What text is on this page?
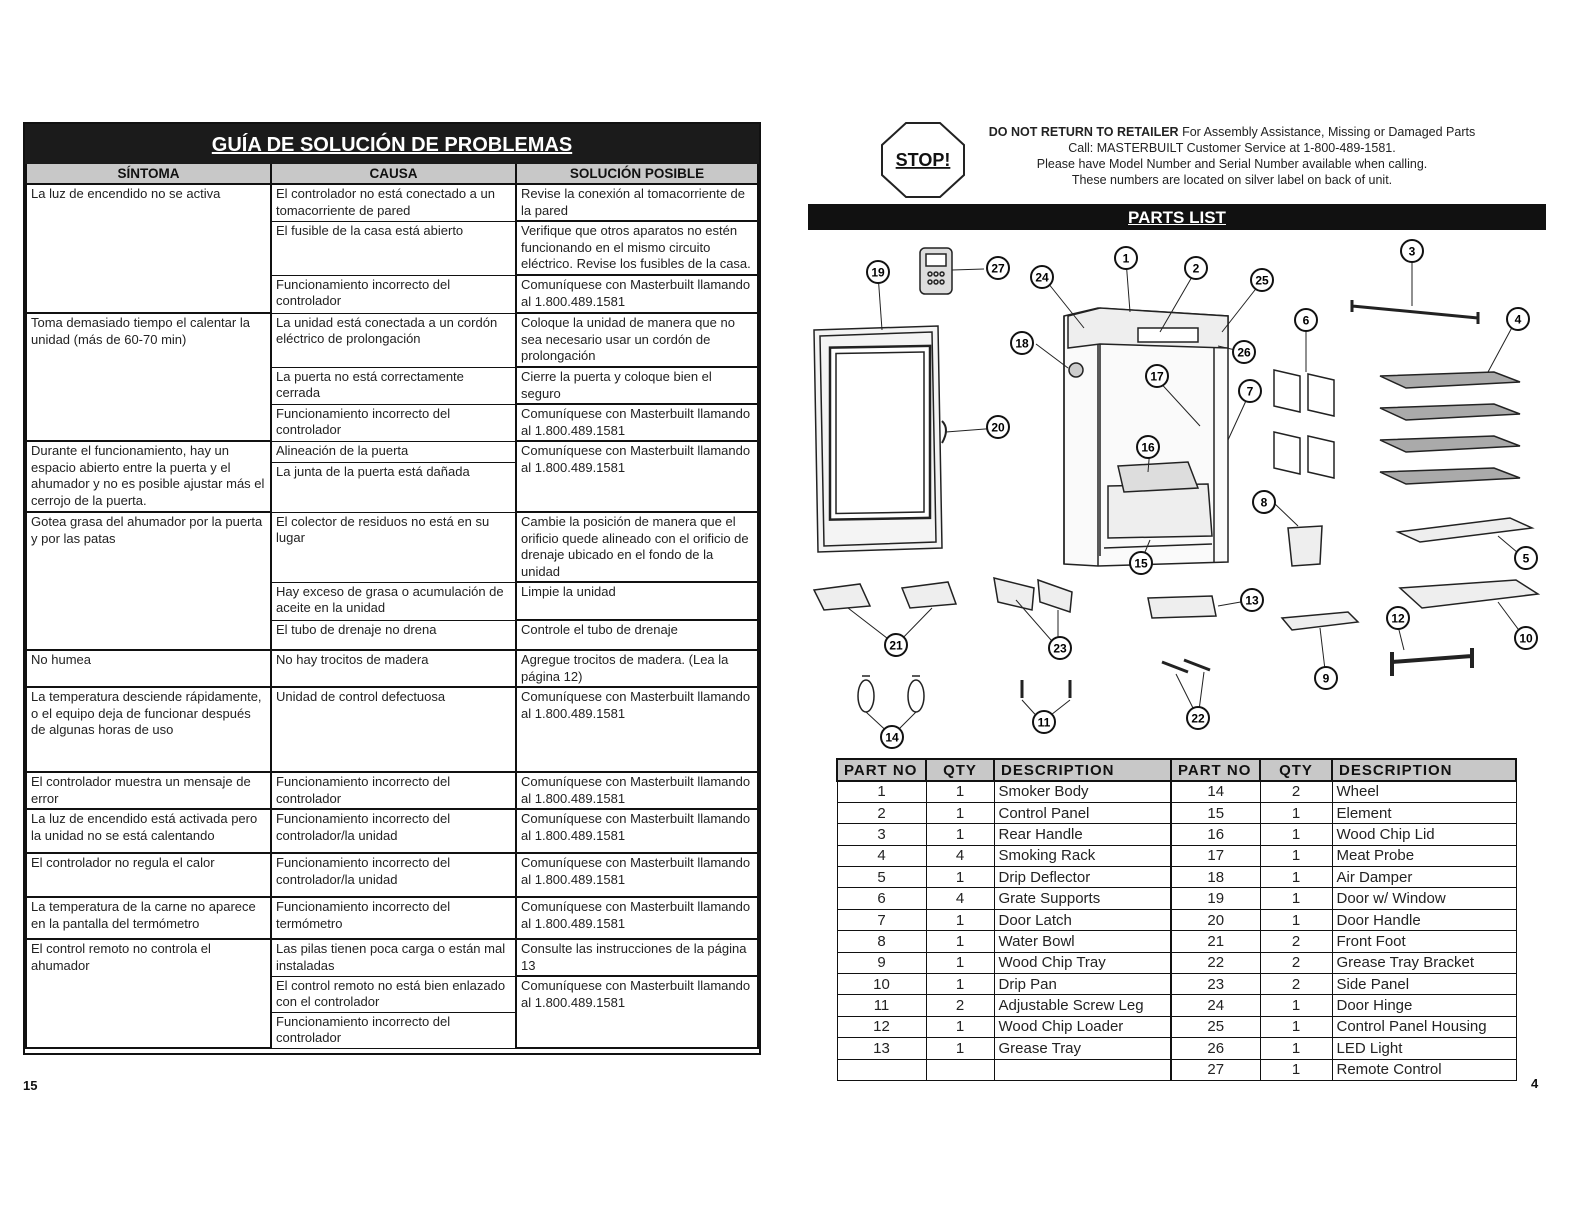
GUÍA DE SOLUCIÓN DE PROBLEMAS
SÍNTOMA	CAUSA	SOLUCIÓN POSIBLE
La luz de encendido no se activa	El controlador no está conectado a un tomacorriente de pared	Revise la conexión al tomacorriente de la pared
	El fusible de la casa está abierto	Verifique que otros aparatos no estén funcionando en el mismo circuito eléctrico. Revise los fusibles de la casa.
	Funcionamiento incorrecto del controlador	Comuníquese con Masterbuilt llamando al 1.800.489.1581
Toma demasiado tiempo el calentar la unidad (más de 60-70 min)	La unidad está conectada a un cordón eléctrico de prolongación	Coloque la unidad de manera que no sea necesario usar un cordón de prolongación
	La puerta no está correctamente cerrada	Cierre la puerta y coloque bien el seguro
	Funcionamiento incorrecto del controlador	Comuníquese con Masterbuilt llamando al 1.800.489.1581
Durante el funcionamiento, hay un espacio abierto entre la puerta y el ahumador y no es posible ajustar más el cerrojo de la puerta.	Alineación de la puerta	Comuníquese con Masterbuilt llamando al 1.800.489.1581
	La junta de la puerta está dañada	
Gotea grasa del ahumador por la puerta y por las patas	El colector de residuos no está en su lugar	Cambie la posición de manera que el orificio quede alineado con el orificio de drenaje ubicado en el fondo de la unidad
	Hay exceso de grasa o acumulación de aceite en la unidad	Limpie la unidad
	El tubo de drenaje no drena	Controle el tubo de drenaje
No humea	No hay trocitos de madera	Agregue trocitos de madera. (Lea la página 12)
La temperatura desciende rápidamente, o el equipo deja de funcionar después de algunas horas de uso	Unidad de control defectuosa	Comuníquese con Masterbuilt llamando al 1.800.489.1581
El controlador muestra un mensaje de error	Funcionamiento incorrecto del controlador	Comuníquese con Masterbuilt llamando al 1.800.489.1581
La luz de encendido está activada pero la unidad no se está calentando	Funcionamiento incorrecto del controlador/la unidad	Comuníquese con Masterbuilt llamando al 1.800.489.1581
El controlador no regula el calor	Funcionamiento incorrecto del controlador/la unidad	Comuníquese con Masterbuilt llamando al 1.800.489.1581
La temperatura de la carne no aparece en la pantalla del termómetro	Funcionamiento incorrecto del termómetro	Comuníquese con Masterbuilt llamando al 1.800.489.1581
El control remoto no controla el ahumador	Las pilas tienen poca carga o están mal instaladas	Consulte las instrucciones de la página 13
	El control remoto no está bien enlazado con el controlador	Comuníquese con Masterbuilt llamando al 1.800.489.1581
	Funcionamiento incorrecto del controlador	
15
STOP!
DO NOT RETURN TO RETAILER For Assembly Assistance, Missing or Damaged Parts
Call: MASTERBUILT Customer Service at 1-800-489-1581.
Please have Model Number and Serial Number available when calling.
These numbers are located on silver label on back of unit.
PARTS LIST
1
2
3
4
5
6
7
8
9
10
11
12
13
14
15
16
17
18
19
20
21
22
23
24	25
26
27
PART NO	QTY	DESCRIPTION	PART NO	QTY	DESCRIPTION
1	1	Smoker Body	14	2	Wheel
2	1	Control Panel	15	1	Element
3	1	Rear Handle	16	1	Wood Chip Lid
4	4	Smoking Rack	17	1	Meat Probe
5	1	Drip Deflector	18	1	Air Damper
6	4	Grate Supports	19	1	Door w/ Window
7	1	Door Latch	20	1	Door Handle
8	1	Water Bowl	21	2	Front Foot
9	1	Wood Chip Tray	22	2	Grease Tray Bracket
10	1	Drip Pan	23	2	Side Panel
11	2	Adjustable Screw Leg	24	1	Door Hinge
12	1	Wood Chip Loader	25	1	Control Panel Housing
13	1	Grease Tray	26	1	LED Light
			27	1	Remote Control
4
